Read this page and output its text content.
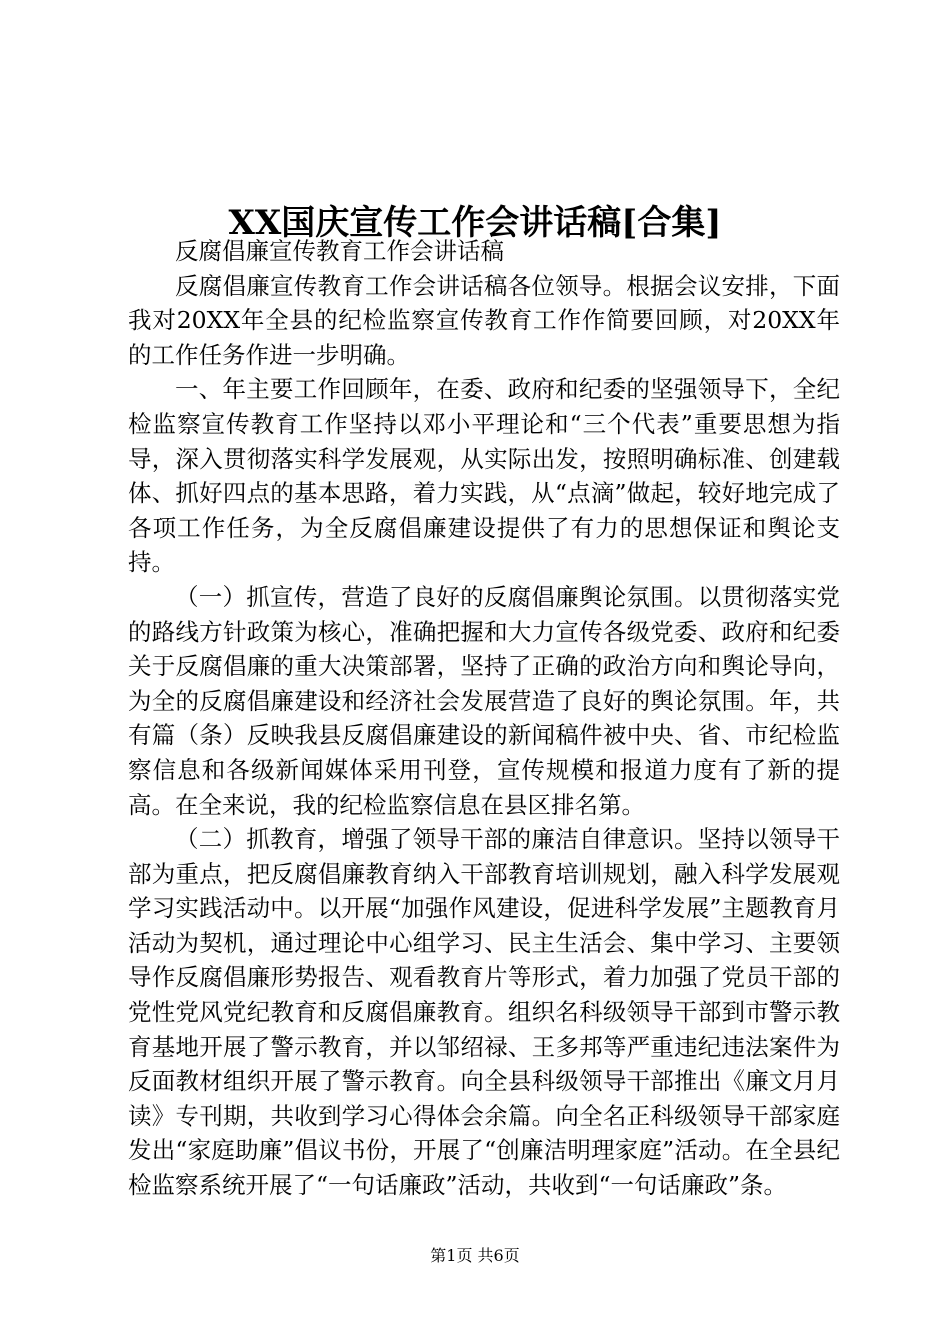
XX国庆宣传工作会讲话稿[合集]

反腐倡廉宣传教育工作会讲话稿

反腐倡廉宣传教育工作会讲话稿各位领导。根据会议安排，下面我对20XX年全县的纪检监察宣传教育工作作简要回顾，对20XX年的工作任务作进一步明确。

一、年主要工作回顾年，在委、政府和纪委的坚强领导下，全纪检监察宣传教育工作坚持以邓小平理论和“三个代表”重要思想为指导，深入贯彻落实科学发展观，从实际出发，按照明确标准、创建载体、抓好四点的基本思路，着力实践，从“点滴”做起，较好地完成了各项工作任务，为全反腐倡廉建设提供了有力的思想保证和舆论支持。

（一）抓宣传，营造了良好的反腐倡廉舆论氛围。以贯彻落实党的路线方针政策为核心，准确把握和大力宣传各级党委、政府和纪委关于反腐倡廉的重大决策部署，坚持了正确的政治方向和舆论导向，为全的反腐倡廉建设和经济社会发展营造了良好的舆论氛围。年，共有篇（条）反映我县反腐倡廉建设的新闻稿件被中央、省、市纪检监察信息和各级新闻媒体采用刊登，宣传规模和报道力度有了新的提高。在全来说，我的纪检监察信息在县区排名第。

（二）抓教育，增强了领导干部的廉洁自律意识。坚持以领导干部为重点，把反腐倡廉教育纳入干部教育培训规划，融入科学发展观学习实践活动中。以开展“加强作风建设，促进科学发展”主题教育月活动为契机，通过理论中心组学习、民主生活会、集中学习、主要领导作反腐倡廉形势报告、观看教育片等形式，着力加强了党员干部的党性党风党纪教育和反腐倡廉教育。组织名科级领导干部到市警示教育基地开展了警示教育，并以邹绍禄、王多邦等严重违纪违法案件为反面教材组织开展了警示教育。向全县科级领导干部推出《廉文月月读》专刊期，共收到学习心得体会余篇。向全名正科级领导干部家庭发出“家庭助廉”倡议书份，开展了“创廉洁明理家庭”活动。在全县纪检监察系统开展了“一句话廉政”活动，共收到“一句话廉政”条。

第1页 共6页
